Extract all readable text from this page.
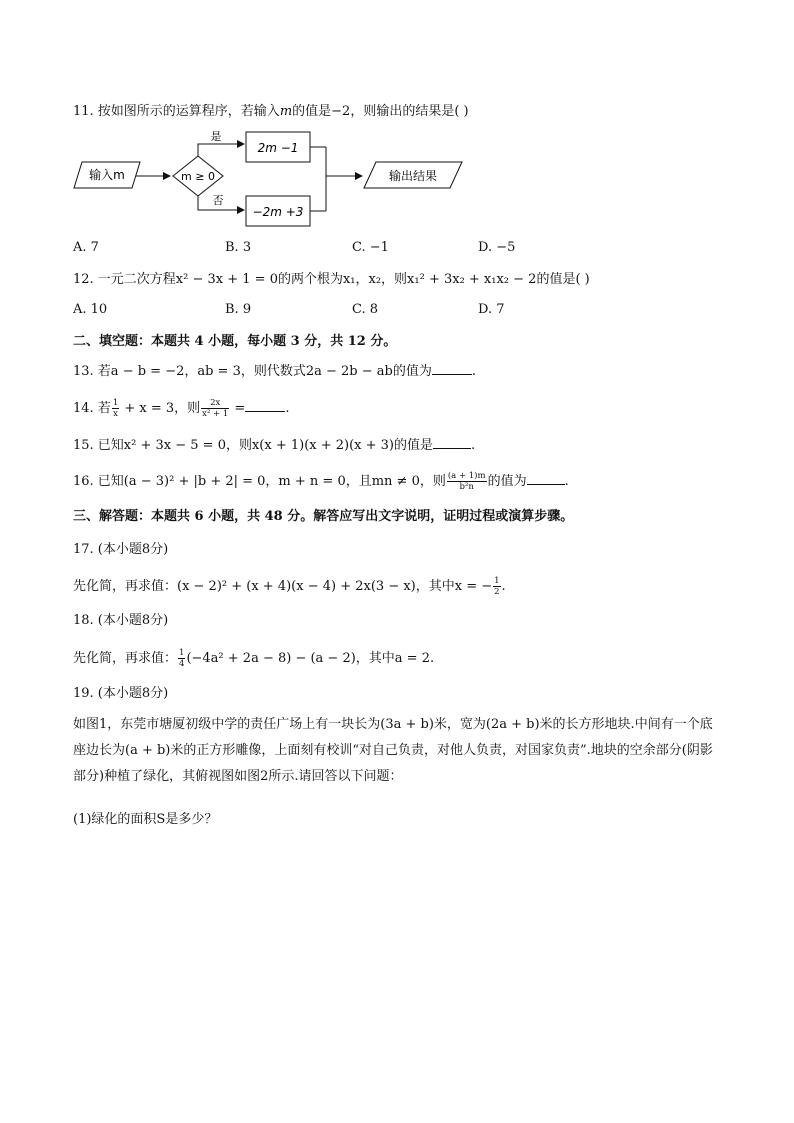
11. 按如图所示的运算程序，若输入m的值是−2，则输出的结果是( )
输入m	m ≥ 0
是
否
2m −1
−2m +3
输出结果
A. 7	B. 3	C. −1	D. −5
12. 一元二次方程x² − 3x + 1 = 0的两个根为x₁，x₂，则x₁² + 3x₂ + x₁x₂ − 2的值是( )
A. 10	B. 9	C. 8	D. 7
二、填空题：本题共 4 小题，每小题 3 分，共 12 分。
13. 若a − b = −2，ab = 3，则代数式2a − 2b − ab的值为	.
14. 若 $\frac{1}{x} + x = 3$，则 $\frac{2x}{\text{x² + 1}}$ =	.
15. 已知x² + 3x − 5 = 0，则x(x + 1)(x + 2)(x + 3)的值是	.
16. 已知(a − 3)² + |b + 2| = 0，m + n = 0，且mn ≠ 0，则 $\frac{(a + 1)m}{\text{b²n}}$ 的值为	.
三、解答题：本题共 6 小题，共 48 分。解答应写出文字说明，证明过程或演算步骤。
17. (本小题8分)
先化简，再求值：(x − 2)² + (x + 4)(x − 4) + 2x(3 − x)，其中x = − $\frac{1}{2}$ .
18. (本小题8分)
先化简，再求值： $\frac{1}{4} (-4a^2 + 2a - 8) - (a - 2)$，其中a = 2.
19. (本小题8分)
如图1，东莞市塘厦初级中学的责任广场上有一块长为(3a + b)米，宽为(2a + b)米的长方形地块.中间有一个底座边长为(a + b)米的正方形雕像，上面刻有校训“对自己负责，对他人负责，对国家负责”.地块的空余部分(阴影部分)种植了绿化，其俯视图如图2所示.请回答以下问题：
(1)绿化的面积S是多少？
